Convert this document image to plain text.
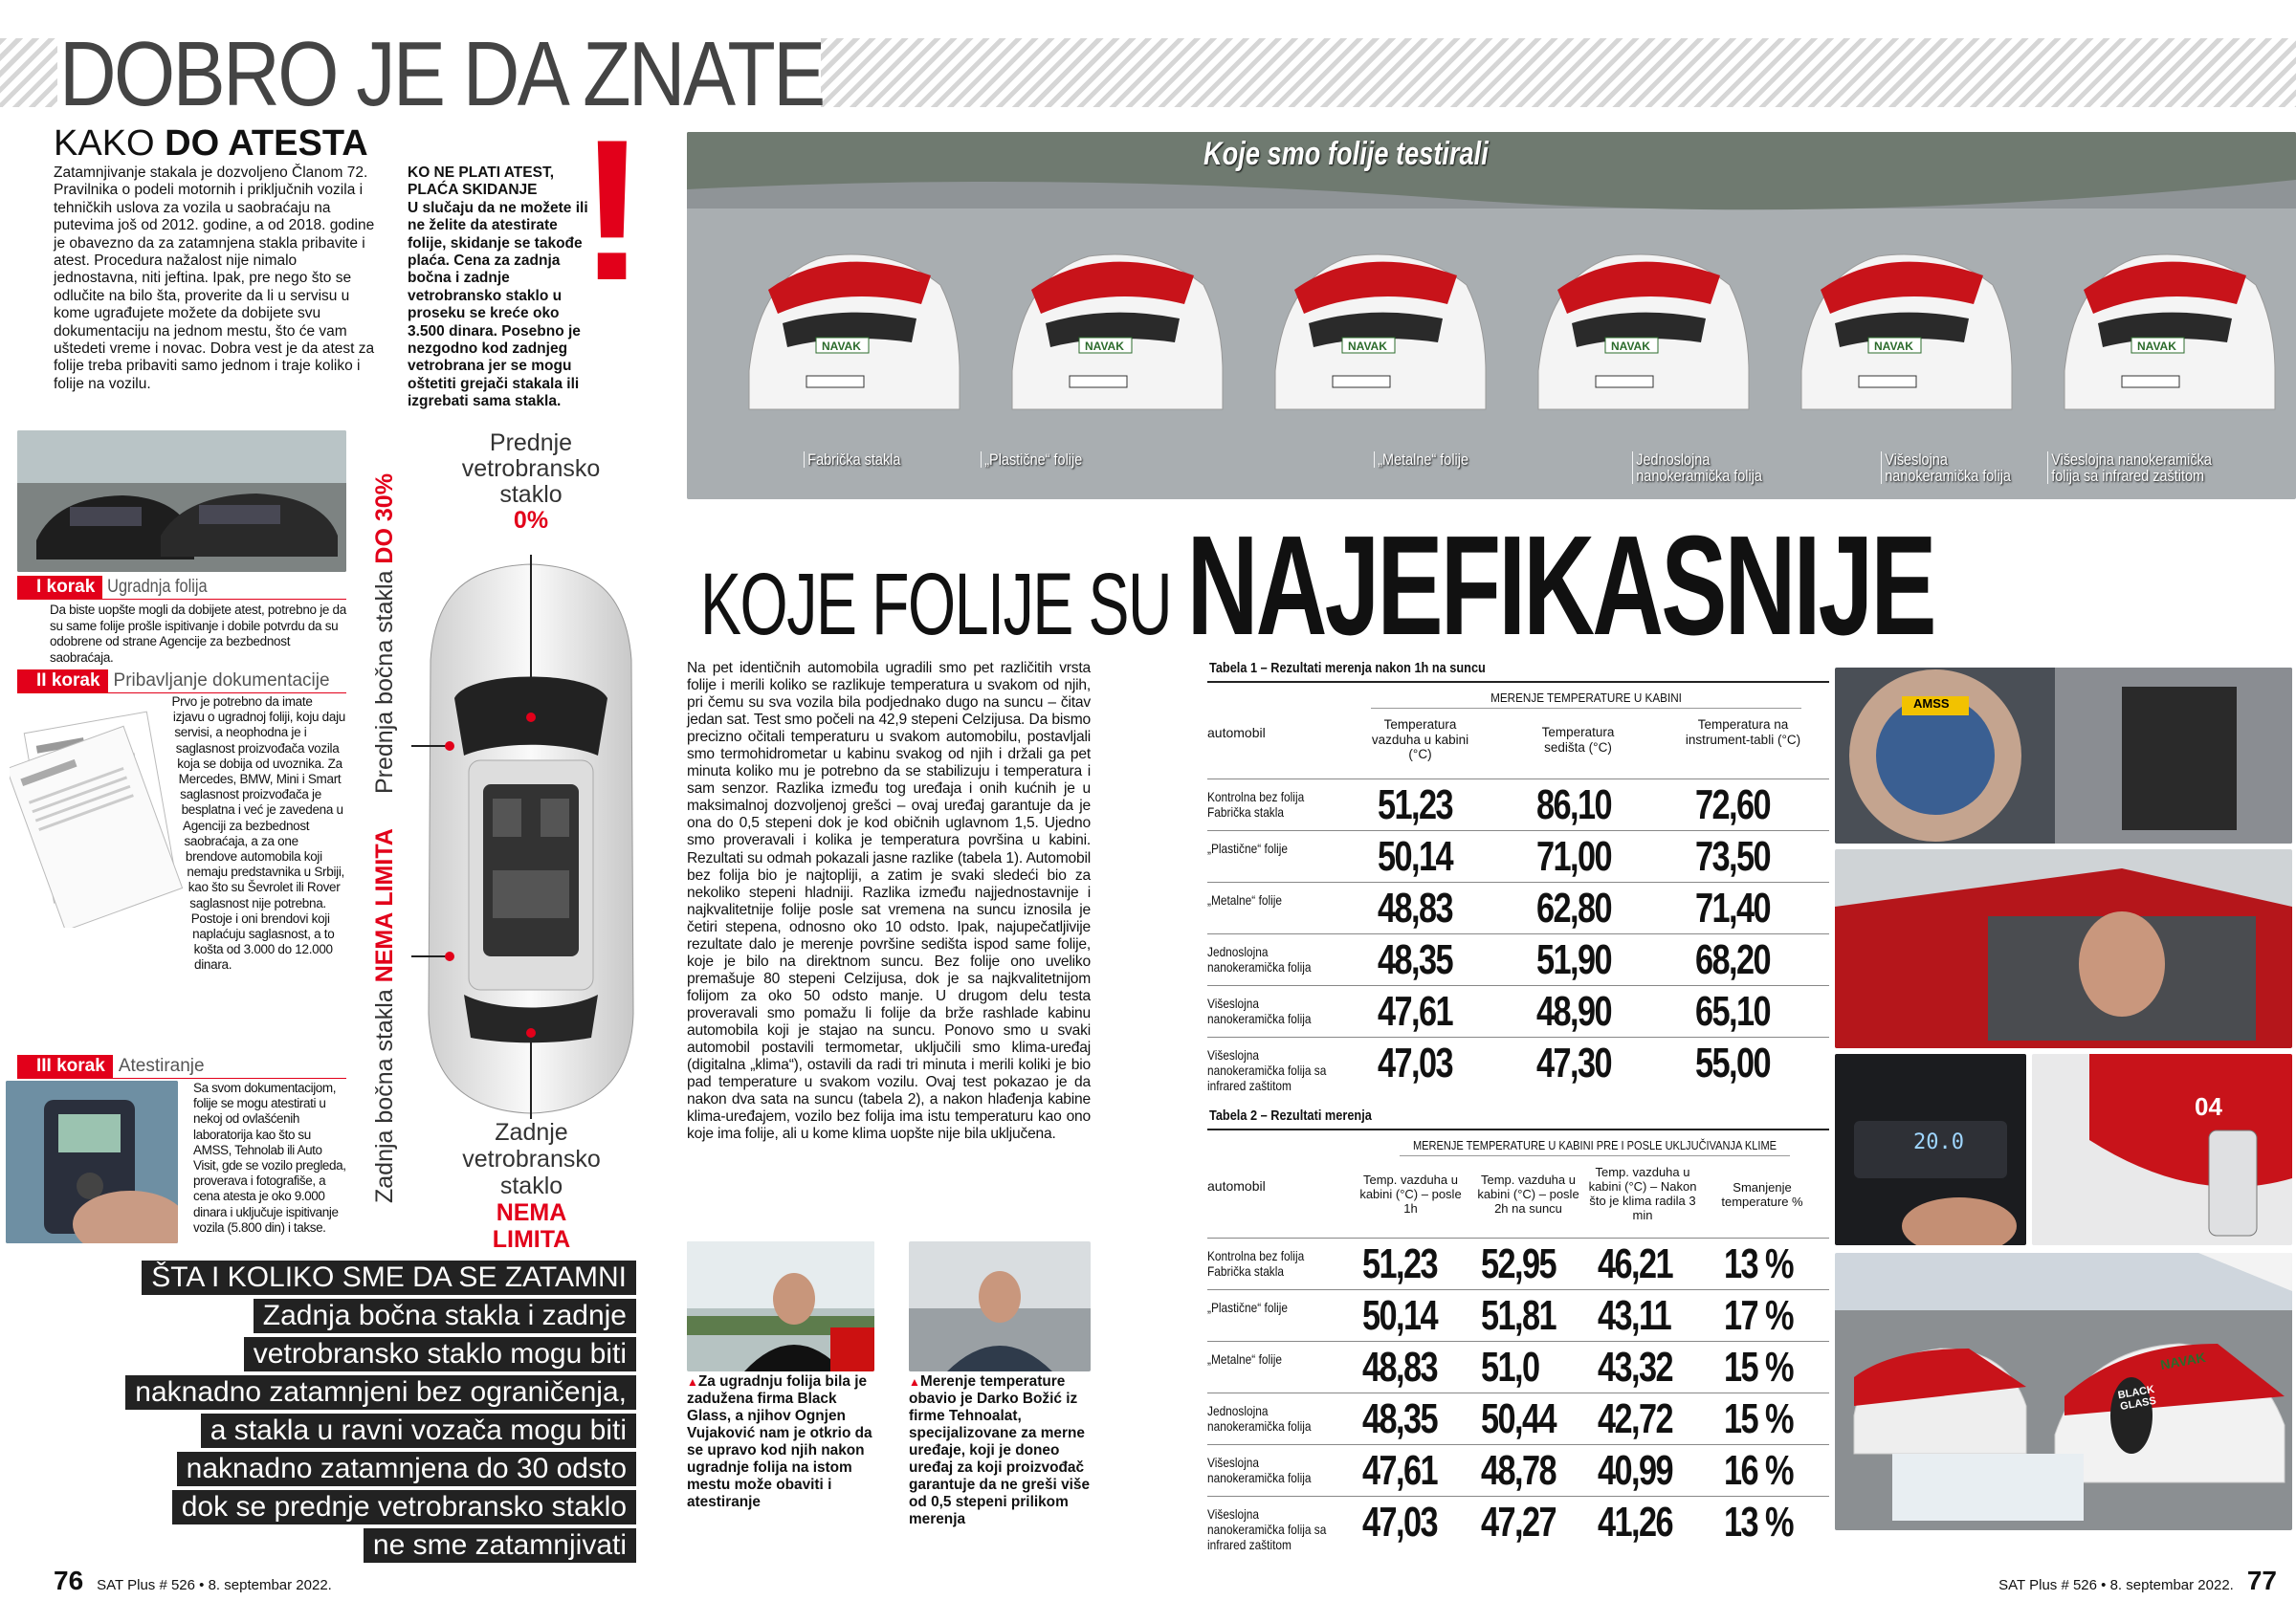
DOBRO JE DA ZNATE
KAKO DO ATESTA
Zatamnjivanje stakala je dozvoljeno Članom 72. Pravilnika o podeli motornih i priključnih vozila i tehničkih uslova za vozila u saobraćaju na putevima još od 2012. godine, a od 2018. godine je obavezno da za zatamnjena stakla pribavite i atest. Procedura nažalost nije nimalo jednostavna, niti jeftina. Ipak, pre nego što se odlučite na bilo šta, proverite da li u servisu u kome ugrađujete možete da dobijete svu dokumentaciju na jednom mestu, što će vam uštedeti vreme i novac. Dobra vest je da atest za folije treba pribaviti samo jednom i traje koliko i folije na vozilu.
KO NE PLATI ATEST,
PLAĆA SKIDANJE
U slučaju da ne možete ili ne želite da atestirate folije, skidanje se takođe plaća. Cena za zadnja bočna i zadnje vetrobransko staklo u proseku se kreće oko 3.500 dinara. Posebno je nezgodno kod zadnjeg vetrobrana jer se mogu oštetiti grejači stakala ili izgrebati sama stakla.
!
I korak Ugradnja folija
Da biste uopšte mogli da dobijete atest, potrebno je da su same folije prošle ispitivanje i dobile potvrdu da su odobrene od strane Agencije za bezbednost saobraćaja.
II korak Pribavljanje dokumentacije
Prvo je potrebno da imate izjavu o ugradnoj foliji, koju daju servisi, a neophodna je i saglasnost proizvođača vozila koja se dobija od uvoznika. Za Mercedes, BMW, Mini i Smart saglasnost proizvođača je besplatna i već je zavedena u Agenciji za bezbednost saobraćaja, a za one brendove automobila koji nemaju predstavnika u Srbiji, kao što su Ševrolet ili Rover saglasnost nije potrebna. Postoje i oni brendovi koji naplaćuju saglasnost, a to košta od 3.000 do 12.000 dinara.
III korak Atestiranje
Sa svom dokumentacijom, folije se mogu atestirati u nekoj od ovlašćenih laboratorija kao što su AMSS, Tehnolab ili Auto Visit, gde se vozilo pregleda, proverava i fotografiše, a cena atesta je oko 9.000 dinara i uključuje ispitivanje vozila (5.800 din) i takse.
Prednje vetrobransko staklo
0%
Prednja bočna stakla DO 30%
Zadnja bočna stakla NEMA LIMITA
Zadnje vetrobransko staklo
NEMA LIMITA
ŠTA I KOLIKO SME DA SE ZATAMNI
Zadnja bočna stakla i zadnje
vetrobransko staklo mogu biti
naknadno zatamnjeni bez ograničenja,
a stakla u ravni vozača mogu biti
naknadno zatamnjena do 30 odsto
dok se prednje vetrobransko staklo
ne sme zatamnjivati
76 SAT Plus # 526 • 8. septembar 2022.
NAVAK	NAVAK	NAVAK	NAVAK	NAVAK	NAVAK
Koje smo folije testirali
Fabrička stakla	„Plastične“ folije	„Metalne“ folije	Jednoslojna nanokeramička folija
Višeslojna nanokeramička folija
Višeslojna nanokeramička folija sa infrared zaštitom
KOJE FOLIJE SU NAJEFIKASNIJE
Na pet identičnih automobila ugradili smo pet različitih vrsta folije i merili koliko se razlikuje temperatura u svakom od njih, pri čemu su sva vozila bila podjednako dugo na suncu – čitav jedan sat. Test smo počeli na 42,9 stepeni Celzijusa. Da bismo precizno očitali temperaturu u svakom automobilu, postavljali smo termohidrometar u kabinu svakog od njih i držali ga pet minuta koliko mu je potrebno da se stabilizuju i temperatura i sam senzor. Razlika između tog uređaja i onih kućnih je u maksimalnoj dozvoljenoj grešci – ovaj uređaj garantuje da je ona do 0,5 stepeni dok je kod običnih uglavnom 1,5. Ujedno smo proveravali i kolika je temperatura površina u kabini. Rezultati su odmah pokazali jasne razlike (tabela 1). Automobil bez folija bio je najtopliji, a zatim je svaki sledeći bio za nekoliko stepeni hladniji. Razlika između najjednostavnije i najkvalitetnije folije posle sat vremena na suncu iznosila je četiri stepena, odnosno oko 10 odsto. Ipak, najupečatljivije rezultate dalo je merenje površine sedišta ispod same folije, koje je bilo na direktnom suncu. Bez folije ono uveliko premašuje 80 stepeni Celzijusa, dok je sa najkvalitetnijom folijom za oko 50 odsto manje. U drugom delu testa proveravali smo pomažu li folije da brže rashlade kabinu automobila koji je stajao na suncu. Ponovo smo u svaki automobil postavili termometar, uključili smo klima-uređaj (digitalna „klima“), ostavili da radi tri minuta i merili koliki je bio pad temperature u svakom vozilu. Ovaj test pokazao je da nakon dva sata na suncu (tabela 2), a nakon hlađenja kabine klima-uređajem, vozilo bez folija ima istu temperaturu kao ono koje ima folije, ali u kome klima uopšte nije bila uključena.
▲Za ugradnju folija bila je zadužena firma Black Glass, a njihov Ognjen Vujaković nam je otkrio da se upravo kod njih nakon ugradnje folija na istom mestu može obaviti i atestiranje
▲Merenje temperature obavio je Darko Božić iz firme Tehnoalat, specijalizovane za merne uređaje, koji je doneo uređaj za koji proizvođač garantuje da ne greši više od 0,5 stepeni prilikom merenja
Tabela 1 – Rezultati merenja nakon 1h na suncu
MERENJE TEMPERATURE U KABINI
automobil
Temperatura vazduha u kabini (°C)
Temperatura sedišta (°C)
Temperatura na instrument-tabli (°C)
Kontrolna bez folija Fabrička stakla	51,23 86,10 72,60
„Plastične“ folije	50,14 71,00 73,50
„Metalne“ folije	48,83 62,80 71,40
Jednoslojna nanokeramička folija	48,35 51,90 68,20
Višeslojna nanokeramička folija	47,61 48,90 65,10
Višeslojna nanokeramička folija sa infrared zaštitom	47,03 47,30 55,00
Tabela 2 – Rezultati merenja
MERENJE TEMPERATURE U KABINI PRE I POSLE UKLJUČIVANJA KLIME
automobil	Temp. vazduha u kabini (°C) – posle 1h
Temp. vazduha u kabini (°C) – posle 2h na suncu
Temp. vazduha u kabini (°C) – Nakon što je klima radila 3 min
Smanjenje temperature %
Kontrolna bez folija Fabrička stakla	51,23 52,95 46,21 13 %
„Plastične“ folije	50,14 51,81 43,11 17 %
„Metalne“ folije	48,83 51,0 43,32 15 %
Jednoslojna nanokeramička folija	48,35 50,44 42,72 15 %
Višeslojna nanokeramička folija	47,61 48,78 40,99 16 %
Višeslojna nanokeramička folija sa infrared zaštitom	47,03 47,27 41,26 13 %
AMSS
20.0
04
NAVAK
BLACK GLASS
SAT Plus # 526 • 8. septembar 2022. 77
